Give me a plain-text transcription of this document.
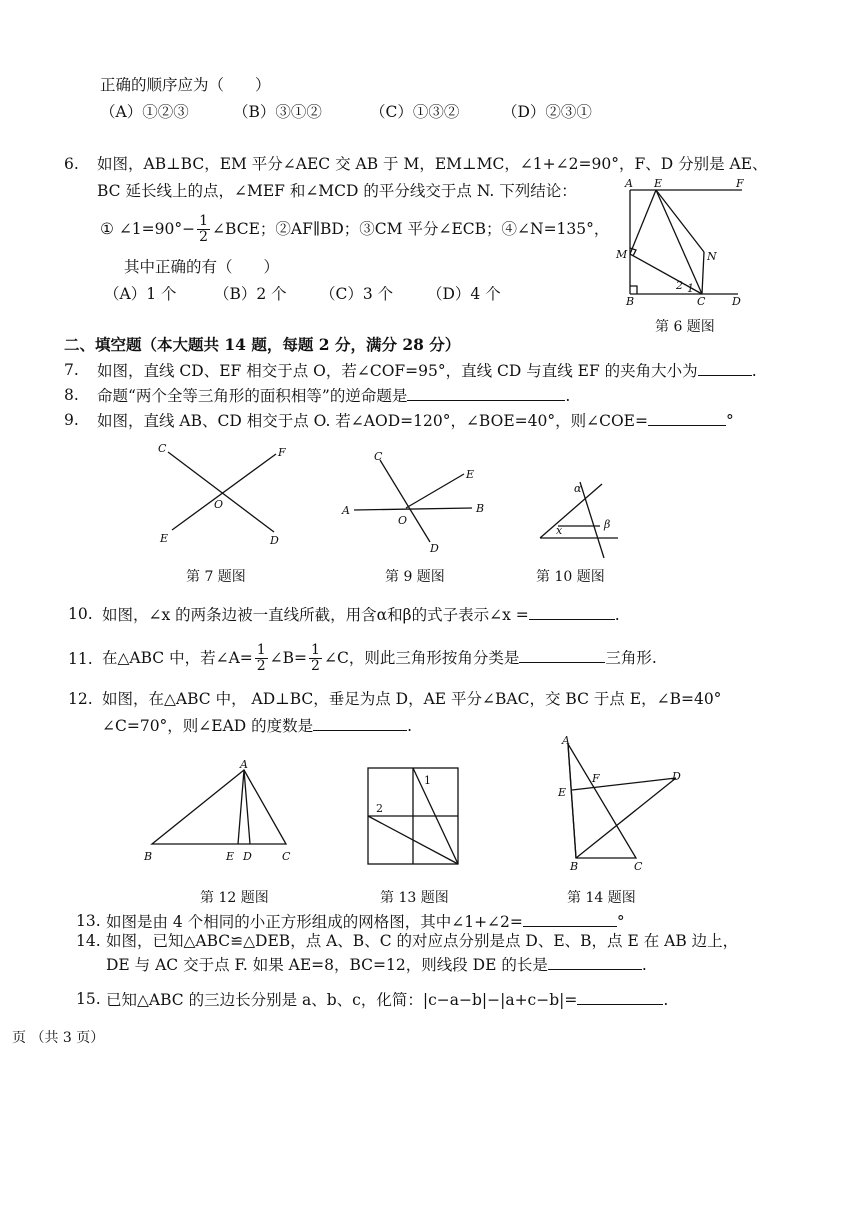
正确的顺序应为（　　）
（A）①②③	（B）③①②	（C）①③②	（D）②③①
6. 如图，AB⊥BC，EM 平分∠AEC 交 AB 于 M，EM⊥MC，∠1+∠2=90°，F、D 分别是 AE、
BC 延长线上的点，∠MEF 和∠MCD 的平分线交于点 N. 下列结论：
① ∠1=90°− $\frac{1}{2}$ ∠BCE；②AF∥BD；③CM 平分∠ECB；④∠N=135°，
其中正确的有（　　）
（A）1 个 （B）2 个 （C）3 个 （D）4 个
A E	F
M	N
B	C D
2 1
第 6 题图
二、填空题（本大题共 14 题，每题 2 分，满分 28 分）
7. 如图，直线 CD、EF 相交于点 O，若∠COF=95°，直线 CD 与直线 EF 的夹角大小为	.
8. 命题“两个全等三角形的面积相等”的逆命题是	.
9. 如图，直线 AB、CD 相交于点 O. 若∠AOD=120°，∠BOE=40°，则∠COE=	°
C	F
O
E	D
第 7 题图
C
E
A
O
B
D
第 9 题图
α
x	β
第 10 题图
10. 如图，∠x 的两条边被一直线所截，用含α和β的式子表示∠x =	.
11. 在△ABC 中，若∠A= $\frac{1}{2}$ ∠B= $\frac{1}{2}$ ∠C，则此三角形按角分类是	三角形.
12. 如图，在△ABC 中， AD⊥BC，垂足为点 D，AE 平分∠BAC，交 BC 于点 E，∠B=40°
∠C=70°，则∠EAD 的度数是	.
A
B	E D	C
第 12 题图
1
2
第 13 题图
A
F	D
E
B	C
第 14 题图
13. 如图是由 4 个相同的小正方形组成的网格图，其中∠1+∠2=	°
14. 如图，已知△ABC≌△DEB，点 A、B、C 的对应点分别是点 D、E、B，点 E 在 AB 边上，
DE 与 AC 交于点 F. 如果 AE=8，BC=12，则线段 DE 的长是	.
15. 已知△ABC 的三边长分别是 a、b、c，化简：|c−a−b|−|a+c−b|=	.
页 （共 3 页）
